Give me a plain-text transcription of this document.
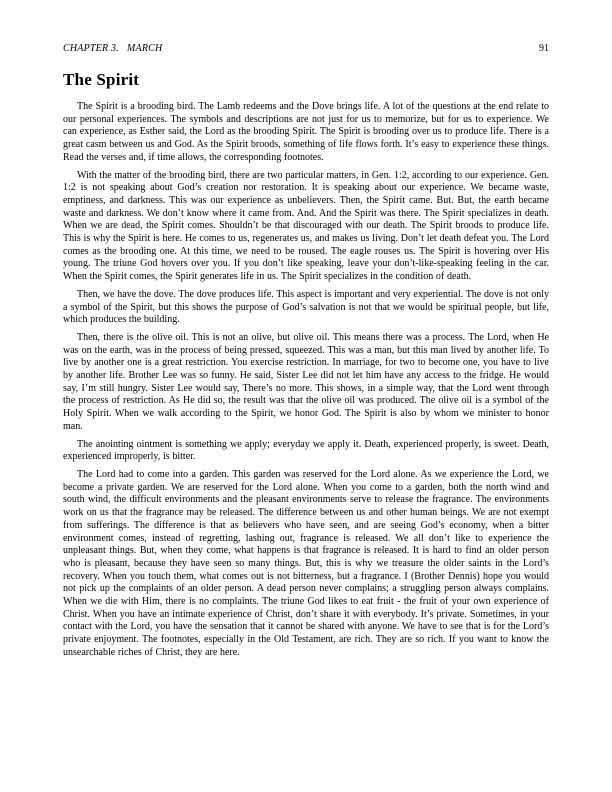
CHAPTER 3.   MARCH	91
The Spirit

The Spirit is a brooding bird. The Lamb redeems and the Dove brings life. A lot of the questions at the end relate to our personal experiences. The symbols and descriptions are not just for us to memorize, but for us to experience. We can experience, as Esther said, the Lord as the brooding Spirit. The Spirit is brooding over us to produce life. There is a great casm between us and God. As the Spirit broods, something of life flows forth. It’s easy to experience these things. Read the verses and, if time allows, the corresponding footnotes.

With the matter of the brooding bird, there are two particular matters, in Gen. 1:2, according to our experience. Gen. 1:2 is not speaking about God’s creation nor restoration. It is speaking about our experience. We became waste, emptiness, and darkness. This was our experience as unbelievers. Then, the Spirit came. But. But, the earth became waste and darkness. We don’t know where it came from. And. And the Spirit was there. The Spirit specializes in death. When we are dead, the Spirit comes. Shouldn’t be that discouraged with our death. The Spirit broods to produce life. This is why the Spirit is here. He comes to us, regenerates us, and makes us living. Don’t let death defeat you. The Lord comes as the brooding one. At this time, we need to be roused. The eagle rouses us. The Spirit is hovering over His young. The triune God hovers over you. If you don’t like speaking, leave your don’t-like-speaking feeling in the car. When the Spirit comes, the Spirit generates life in us. The Spirit specializes in the condition of death.

Then, we have the dove. The dove produces life. This aspect is important and very experiential. The dove is not only a symbol of the Spirit, but this shows the purpose of God’s salvation is not that we would be spiritual people, but life, which produces the building.

Then, there is the olive oil. This is not an olive, but olive oil. This means there was a process. The Lord, when He was on the earth, was in the process of being pressed, squeezed. This was a man, but this man lived by another life. To live by another one is a great restriction. You exercise restriction. In marriage, for two to become one, you have to live by another life. Brother Lee was so funny. He said, Sister Lee did not let him have any access to the fridge. He would say, I’m still hungry. Sister Lee would say, There’s no more. This shows, in a simple way, that the Lord went through the process of restriction. As He did so, the result was that the olive oil was produced. The olive oil is a symbol of the Holy Spirit. When we walk according to the Spirit, we honor God. The Spirit is also by whom we minister to honor man.

The anointing ointment is something we apply; everyday we apply it. Death, experienced properly, is sweet. Death, experienced improperly, is bitter.

The Lord had to come into a garden. This garden was reserved for the Lord alone. As we experience the Lord, we become a private garden. We are reserved for the Lord alone. When you come to a garden, both the north wind and south wind, the difficult environments and the pleasant environments serve to release the fragrance. The environments work on us that the fragrance may be released. The difference between us and other human beings. We are not exempt from sufferings. The difference is that as believers who have seen, and are seeing God’s economy, when a bitter environment comes, instead of regretting, lashing out, fragrance is released. We all don’t like to experience the unpleasant things. But, when they come, what happens is that fragrance is released. It is hard to find an older person who is pleasant, because they have seen so many things. But, this is why we treasure the older saints in the Lord’s recovery. When you touch them, what comes out is not bitterness, but a fragrance. I (Brother Dennis) hope you would not pick up the complaints of an older person. A dead person never complains; a struggling person always complains. When we die with Him, there is no complaints. The triune God likes to eat fruit - the fruit of your own experience of Christ. When you have an intimate experience of Christ, don’t share it with everybody. It’s private. Sometimes, in your contact with the Lord, you have the sensation that it cannot be shared with anyone. We have to see that is for the Lord’s private enjoyment. The footnotes, especially in the Old Testament, are rich. They are so rich. If you want to know the unsearchable riches of Christ, they are here.
